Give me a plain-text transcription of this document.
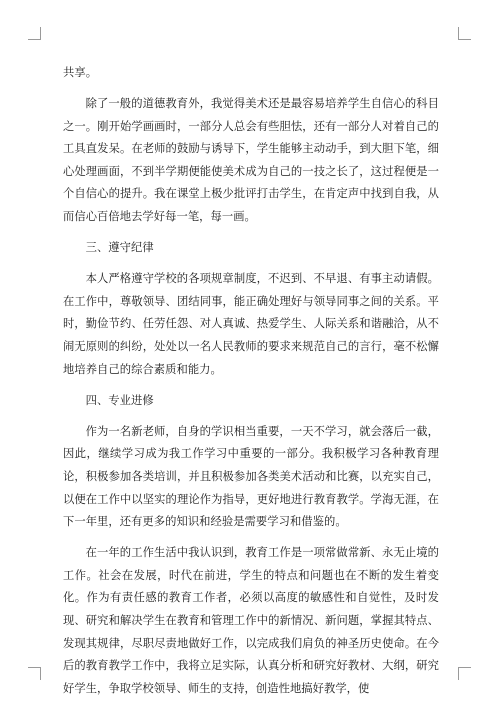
共享。

除了一般的道德教育外，我觉得美术还是最容易培养学生自信心的科目之一。刚开始学画画时，一部分人总会有些胆怯，还有一部分人对着自己的工具直发呆。在老师的鼓励与诱导下，学生能够主动动手，到大胆下笔，细心处理画面，不到半学期便能使美术成为自己的一技之长了，这过程便是一个自信心的提升。我在课堂上极少批评打击学生，在肯定声中找到自我，从而信心百倍地去学好每一笔，每一画。

三、遵守纪律

本人严格遵守学校的各项规章制度，不迟到、不早退、有事主动请假。在工作中，尊敬领导、团结同事，能正确处理好与领导同事之间的关系。平时，勤俭节约、任劳任怨、对人真诚、热爱学生、人际关系和谐融洽，从不闹无原则的纠纷，处处以一名人民教师的要求来规范自己的言行，毫不松懈地培养自己的综合素质和能力。

四、专业进修

作为一名新老师，自身的学识相当重要，一天不学习，就会落后一截，因此，继续学习成为我工作学习中重要的一部分。我积极学习各种教育理论，积极参加各类培训，并且积极参加各类美术活动和比赛，以充实自己，以便在工作中以坚实的理论作为指导，更好地进行教育教学。学海无涯，在下一年里，还有更多的知识和经验是需要学习和借鉴的。

在一年的工作生活中我认识到，教育工作是一项常做常新、永无止境的工作。社会在发展，时代在前进，学生的特点和问题也在不断的发生着变化。作为有责任感的教育工作者，必须以高度的敏感性和自觉性，及时发现、研究和解决学生在教育和管理工作中的新情况、新问题，掌握其特点、发现其规律，尽职尽责地做好工作，以完成我们肩负的神圣历史使命。在今后的教育教学工作中，我将立足实际，认真分析和研究好教材、大纲，研究好学生，争取学校领导、师生的支持，创造性地搞好教学，使
